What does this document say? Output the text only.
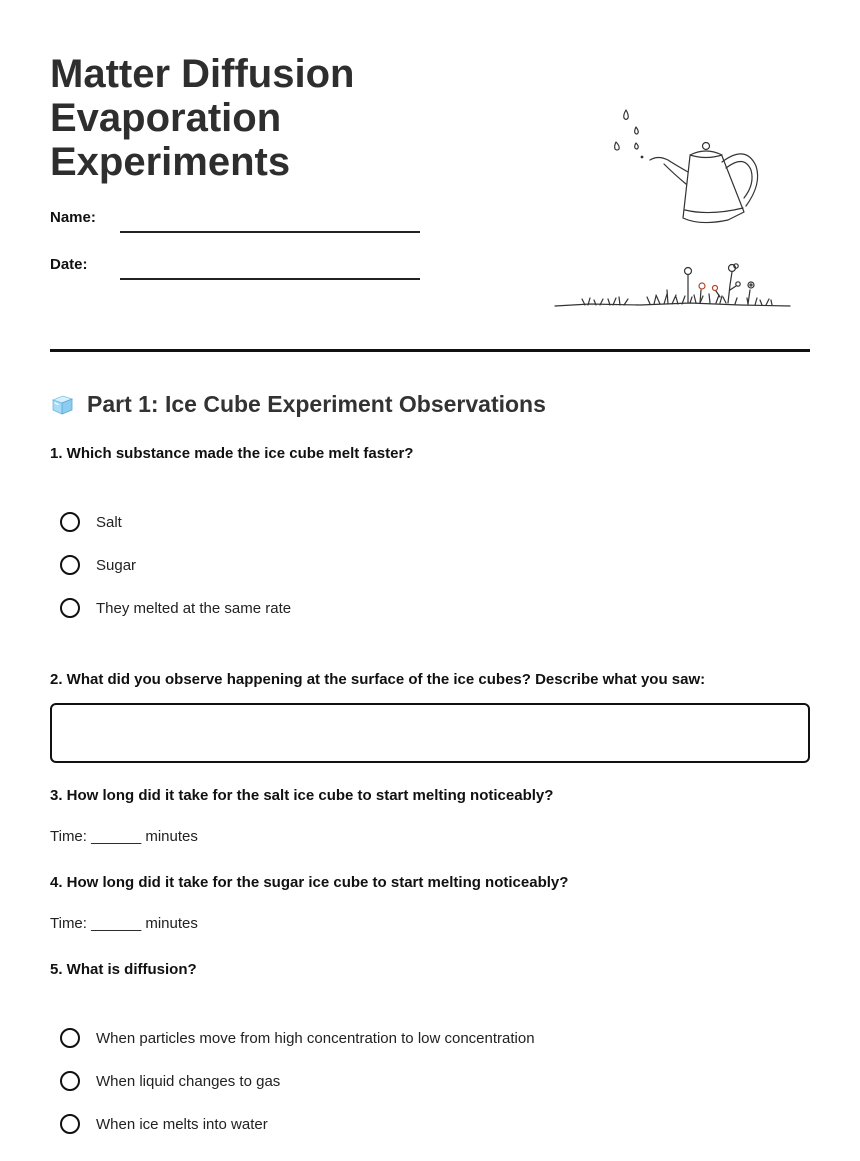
Matter Diffusion
Evaporation
Experiments
Name:
Date:
Part 1: Ice Cube Experiment Observations
1. Which substance made the ice cube melt faster?
Salt
Sugar
They melted at the same rate
2. What did you observe happening at the surface of the ice cubes? Describe what you saw:
3. How long did it take for the salt ice cube to start melting noticeably?
Time: ______ minutes
4. How long did it take for the sugar ice cube to start melting noticeably?
Time: ______ minutes
5. What is diffusion?
When particles move from high concentration to low concentration
When liquid changes to gas
When ice melts into water
